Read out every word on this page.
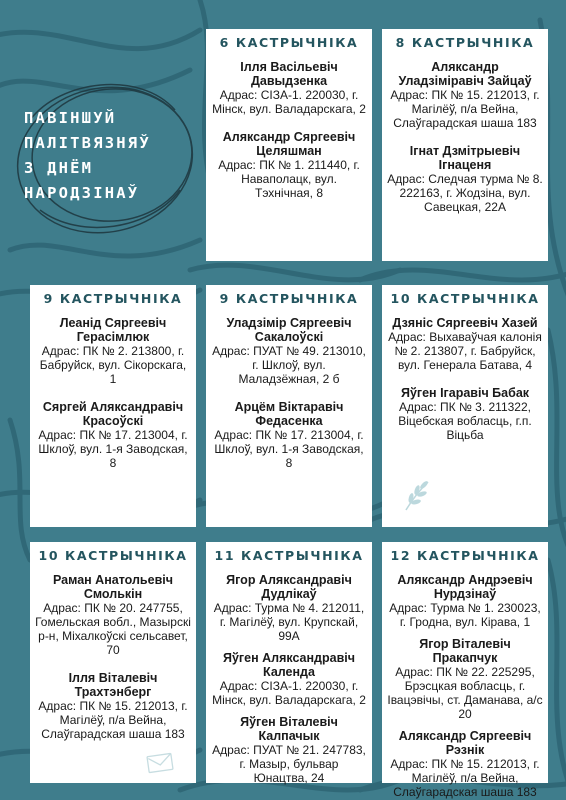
ПАВІНШУЙ
ПАЛІТВЯЗНЯЎ
З ДНЁМ
НАРОДЗІНАЎ
6 КАСТРЫЧНІКА
Ілля Васільевіч Давыдзенка
Адрас: СІЗА-1. 220030, г. Мінск, вул. Валадарскага, 2
Аляксандр Сяргеевіч Целяшман
Адрас: ПК № 1. 211440, г. Наваполацк, вул. Тэхнічная, 8
8 КАСТРЫЧНІКА
Аляксандр Уладзіміравіч Зайцаў
Адрас: ПК № 15. 212013, г. Магілёў, п/а Вейна, Слаўгарадская шаша 183
Ігнат Дзмітрыевіч Ігнаценя
Адрас: Следчая турма № 8. 222163, г. Жодзіна, вул. Савецкая, 22А
9 КАСТРЫЧНІКА
Леанід Сяргеевіч Герасімлюк
Адрас: ПК № 2. 213800, г. Бабруйск, вул. Сікорскага, 1
Сяргей Аляксандравіч Красоўскі
Адрас: ПК № 17. 213004, г. Шклоў, вул. 1-я Заводская, 8
9 КАСТРЫЧНІКА
Уладзімір Сяргеевіч Сакалоўскі
Адрас: ПУАТ № 49. 213010, г. Шклоў, вул. Маладзёжная, 2 б
Арцём Віктаравіч Федасенка
Адрас: ПК № 17. 213004, г. Шклоў, вул. 1-я Заводская, 8
10 КАСТРЫЧНІКА
Дзяніс Сяргеевіч Хазей
Адрас: Выхаваўчая калонія № 2. 213807, г. Бабруйск, вул. Генерала Батава, 4
Яўген Ігаравіч Бабак
Адрас: ПК № 3. 211322, Віцебская вобласць, г.п. Віцьба
10 КАСТРЫЧНІКА
Раман Анатольевіч Смолькін
Адрас: ПК № 20. 247755, Гомельская вобл., Мазырскі р-н, Міхалкоўскі сельсавет, 70
Ілля Віталевіч Трахтэнберг
Адрас: ПК № 15. 212013, г. Магілёў, п/а Вейна, Слаўгарадская шаша 183
11 КАСТРЫЧНІКА
Ягор Аляксандравіч Дудлікаў
Адрас: Турма № 4. 212011, г. Магілёў, вул. Крупскай, 99А
Яўген Аляксандравіч Календа
Адрас: СІЗА-1. 220030, г. Мінск, вул. Валадарскага, 2
Яўген Віталевіч Калпачык
Адрас: ПУАТ № 21. 247783, г. Мазыр, бульвар Юнацтва, 24
12 КАСТРЫЧНІКА
Аляксандр Андрэевіч Нурдзінаў
Адрас: Турма № 1. 230023, г. Гродна, вул. Кірава, 1
Ягор Віталевіч Пракапчук
Адрас: ПК № 22. 225295, Брэсцкая вобласць, г. Івацэвічы, ст. Даманава, а/с 20
Аляксандр Сяргеевіч Рэзнік
Адрас: ПК № 15. 212013, г. Магілёў, п/а Вейна, Слаўгарадская шаша 183
